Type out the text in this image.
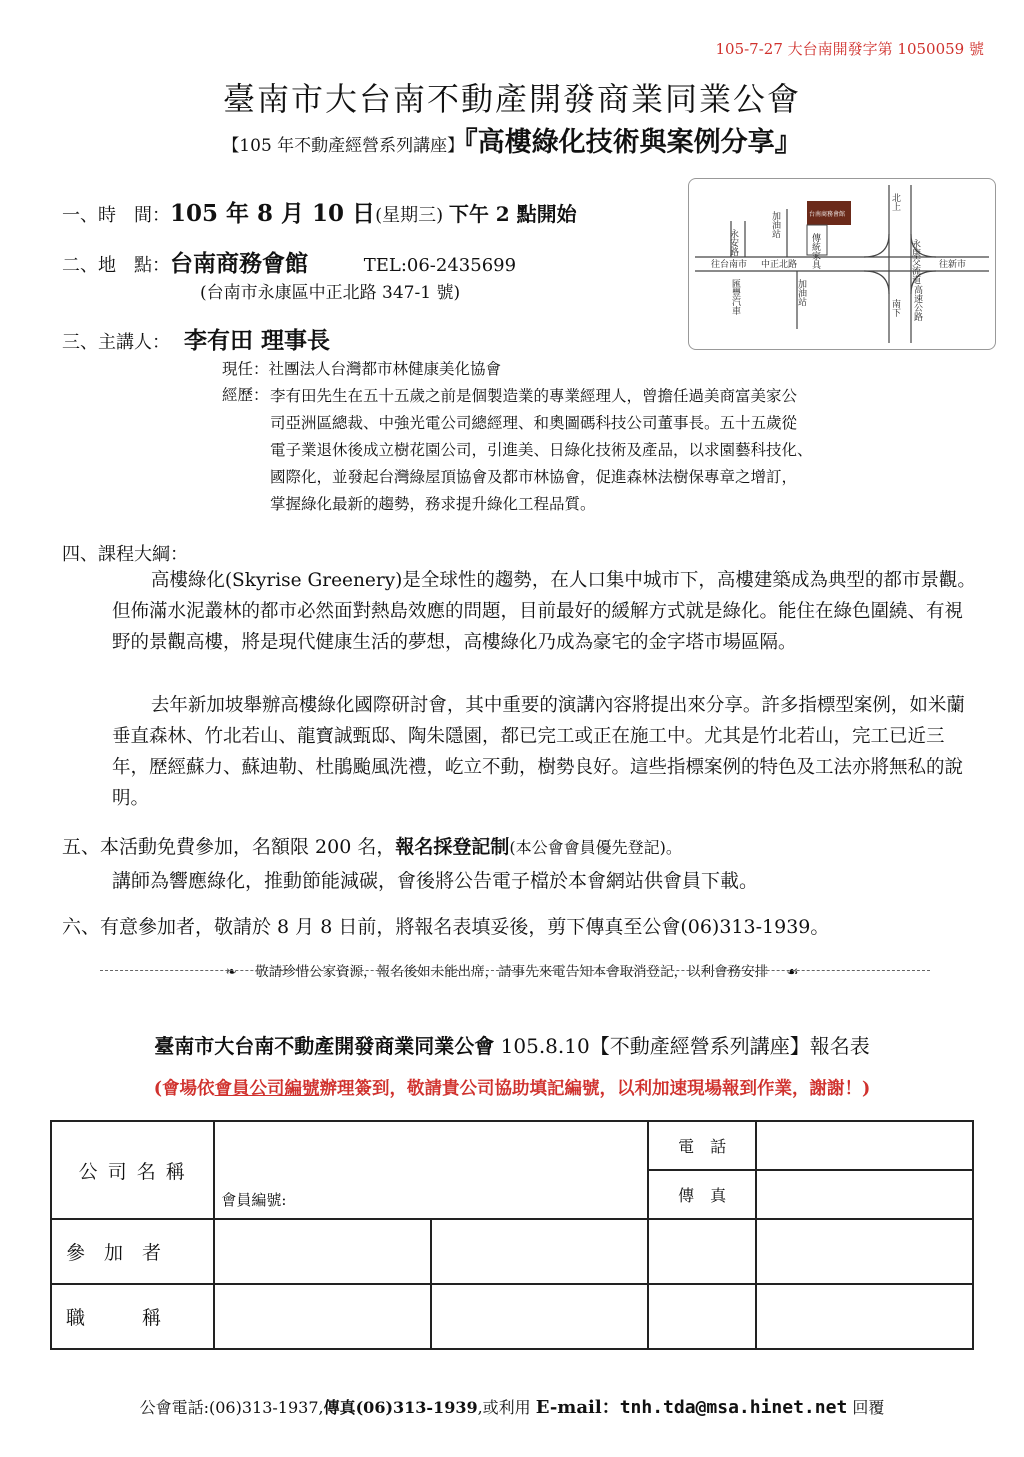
105-7-27 大台南開發字第 1050059 號
臺南市大台南不動產開發商業同業公會
【105 年不動產經營系列講座】『高樓綠化技術與案例分享』
一、時　間：105 年 8 月 10 日(星期三) 下午 2 點開始
二、地　點：台南商務會館	TEL:06-2435699
(台南市永康區中正北路 347-1 號)
往台南市 中正北路	往新市
永安路
加油站
加油站
匯豐汽車
傳統家具
北上
南下
永康交流道
高速公路
台南商務會館
三、主講人： 李有田 理事長
現任：社團法人台灣都市林健康美化協會
經歷： 李有田先生在五十五歲之前是個製造業的專業經理人，曾擔任過美商富美家公
司亞洲區總裁、中強光電公司總經理、和奧圖碼科技公司董事長。五十五歲從
電子業退休後成立樹花園公司，引進美、日綠化技術及產品，以求園藝科技化、
國際化，並發起台灣綠屋頂協會及都市林協會，促進森林法樹保專章之增訂，
掌握綠化最新的趨勢，務求提升綠化工程品質。
四、課程大綱：
高樓綠化(Skyrise Greenery)是全球性的趨勢，在人口集中城市下，高樓建築成為典型的都市景觀。但佈滿水泥叢林的都市必然面對熱島效應的問題，目前最好的緩解方式就是綠化。能住在綠色圍繞、有視野的景觀高樓，將是現代健康生活的夢想，高樓綠化乃成為豪宅的金字塔市場區隔。
去年新加坡舉辦高樓綠化國際研討會，其中重要的演講內容將提出來分享。許多指標型案例，如米蘭垂直森林、竹北若山、龍寶誠甄邸、陶朱隱園，都已完工或正在施工中。尤其是竹北若山，完工已近三年，歷經蘇力、蘇迪勒、杜鵑颱風洗禮，屹立不動，樹勢良好。這些指標案例的特色及工法亦將無私的說明。
五、本活動免費參加，名額限 200 名，報名採登記制(本公會會員優先登記)。
講師為響應綠化，推動節能減碳，會後將公告電子檔於本會網站供會員下載。
六、有意參加者，敬請於 8 月 8 日前，將報名表填妥後，剪下傳真至公會(06)313-1939。
❧ 敬請珍惜公家資源，報名後如未能出席，請事先來電告知本會取消登記，以利會務安排 ☙
臺南市大台南不動產開發商業同業公會 105.8.10【不動產經營系列講座】報名表
(會場依會員公司編號辦理簽到，敬請貴公司協助填記編號，以利加速現場報到作業，謝謝！)
公 司 名 稱	會員編號:		電　話	
			傳　真	
參　加　者				
職　　　稱				
公會電話:(06)313-1937,傳真(06)313-1939,或利用 E-mail：tnh.tda@msa.hinet.net 回覆
